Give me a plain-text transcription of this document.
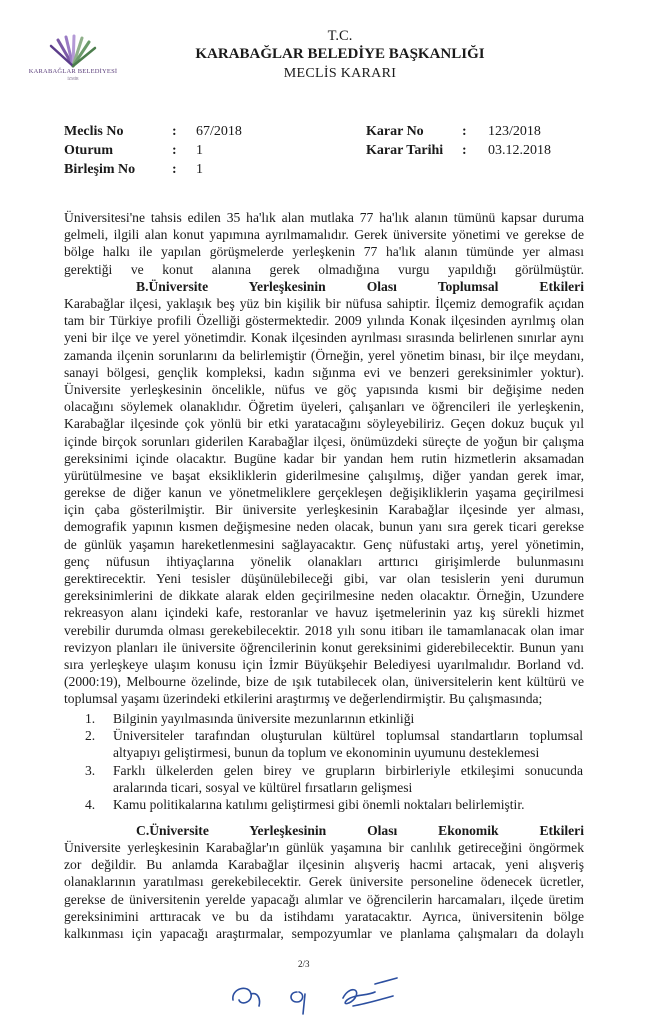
KARABAĞLAR BELEDİYESİ
İZMİR
T.C.
KARABAĞLAR BELEDİYE BAŞKANLIĞI
MECLİS KARARI
Meclis No	: 67/2018
Oturum	: 1
Birleşim No	: 1
Karar No	: 123/2018
Karar Tarihi : 03.12.2018
Üniversitesi'ne tahsis edilen 35 ha'lık alan mutlaka 77 ha'lık alanın tümünü kapsar duruma
gelmeli, ilgili alan konut yapımına ayrılmamalıdır. Gerek üniversite yönetimi ve gerekse de
bölge halkı ile yapılan görüşmelerde yerleşkenin 77 ha'lık alanın tümünde yer alması
gerektiği ve konut alanına gerek olmadığına vurgu yapıldığı görülmüştür.
B.Üniversite Yerleşkesinin Olası Toplumsal Etkileri
Karabağlar ilçesi, yaklaşık beş yüz bin kişilik bir nüfusa sahiptir. İlçemiz demografik açıdan
tam bir Türkiye profili Özelliği göstermektedir. 2009 yılında Konak ilçesinden ayrılmış olan
yeni bir ilçe ve yerel yönetimdir. Konak ilçesinden ayrılması sırasında belirlenen sınırlar aynı
zamanda ilçenin sorunlarını da belirlemiştir (Örneğin, yerel yönetim binası, bir ilçe meydanı,
sanayi bölgesi, gençlik kompleksi, kadın sığınma evi ve benzeri gereksinimler yoktur).
Üniversite yerleşkesinin öncelikle, nüfus ve göç yapısında kısmi bir değişime neden
olacağını söylemek olanaklıdır. Öğretim üyeleri, çalışanları ve öğrencileri ile yerleşkenin,
Karabağlar ilçesinde çok yönlü bir etki yaratacağını söyleyebiliriz. Geçen dokuz buçuk yıl
içinde birçok sorunları giderilen Karabağlar ilçesi, önümüzdeki süreçte de yoğun bir çalışma
gereksinimi içinde olacaktır. Bugüne kadar bir yandan hem rutin hizmetlerin aksamadan
yürütülmesine ve başat eksikliklerin giderilmesine çalışılmış, diğer yandan gerek imar,
gerekse de diğer kanun ve yönetmeliklere gerçekleşen değişikliklerin yaşama geçirilmesi
için çaba gösterilmiştir. Bir üniversite yerleşkesinin Karabağlar ilçesinde yer alması,
demografik yapının kısmen değişmesine neden olacak, bunun yanı sıra gerek ticari gerekse
de günlük yaşamın hareketlenmesini sağlayacaktır. Genç nüfustaki artış, yerel yönetimin,
genç nüfusun ihtiyaçlarına yönelik olanakları arttırıcı girişimlerde bulunmasını
gerektirecektir. Yeni tesisler düşünülebileceği gibi, var olan tesislerin yeni durumun
gereksinimlerini de dikkate alarak elden geçirilmesine neden olacaktır. Örneğin, Uzundere
rekreasyon alanı içindeki kafe, restoranlar ve havuz işetmelerinin yaz kış sürekli hizmet
verebilir durumda olması gerekebilecektir. 2018 yılı sonu itibarı ile tamamlanacak olan imar
revizyon planları ile üniversite öğrencilerinin konut gereksinimi giderebilecektir. Bunun yanı
sıra yerleşkeye ulaşım konusu için İzmir Büyükşehir Belediyesi uyarılmalıdır. Borland vd.
(2000:19), Melbourne özelinde, bize de ışık tutabilecek olan, üniversitelerin kent kültürü ve
toplumsal yaşamı üzerindeki etkilerini araştırmış ve değerlendirmiştir. Bu çalışmasında;
1. Bilginin yayılmasında üniversite mezunlarının etkinliği
2. Üniversiteler tarafından oluşturulan kültürel toplumsal standartların toplumsal
altyapıyı geliştirmesi, bunun da toplum ve ekonominin uyumunu desteklemesi
3. Farklı ülkelerden gelen birey ve grupların birbirleriyle etkileşimi sonucunda
aralarında ticari, sosyal ve kültürel fırsatların gelişmesi
4. Kamu politikalarına katılımı geliştirmesi gibi önemli noktaları belirlemiştir.
C.Üniversite Yerleşkesinin Olası Ekonomik Etkileri
Üniversite yerleşkesinin Karabağlar'ın günlük yaşamına bir canlılık getireceğini öngörmek
zor değildir. Bu anlamda Karabağlar ilçesinin alışveriş hacmi artacak, yeni alışveriş
olanaklarının yaratılması gerekebilecektir. Gerek üniversite personeline ödenecek ücretler,
gerekse de üniversitenin yerelde yapacağı alımlar ve öğrencilerin harcamaları, ilçede üretim
gereksinimini arttıracak ve bu da istihdamı yaratacaktır. Ayrıca, üniversitenin bölge
kalkınması için yapacağı araştırmalar, sempozyumlar ve planlama çalışmaları da dolaylı
2/3
